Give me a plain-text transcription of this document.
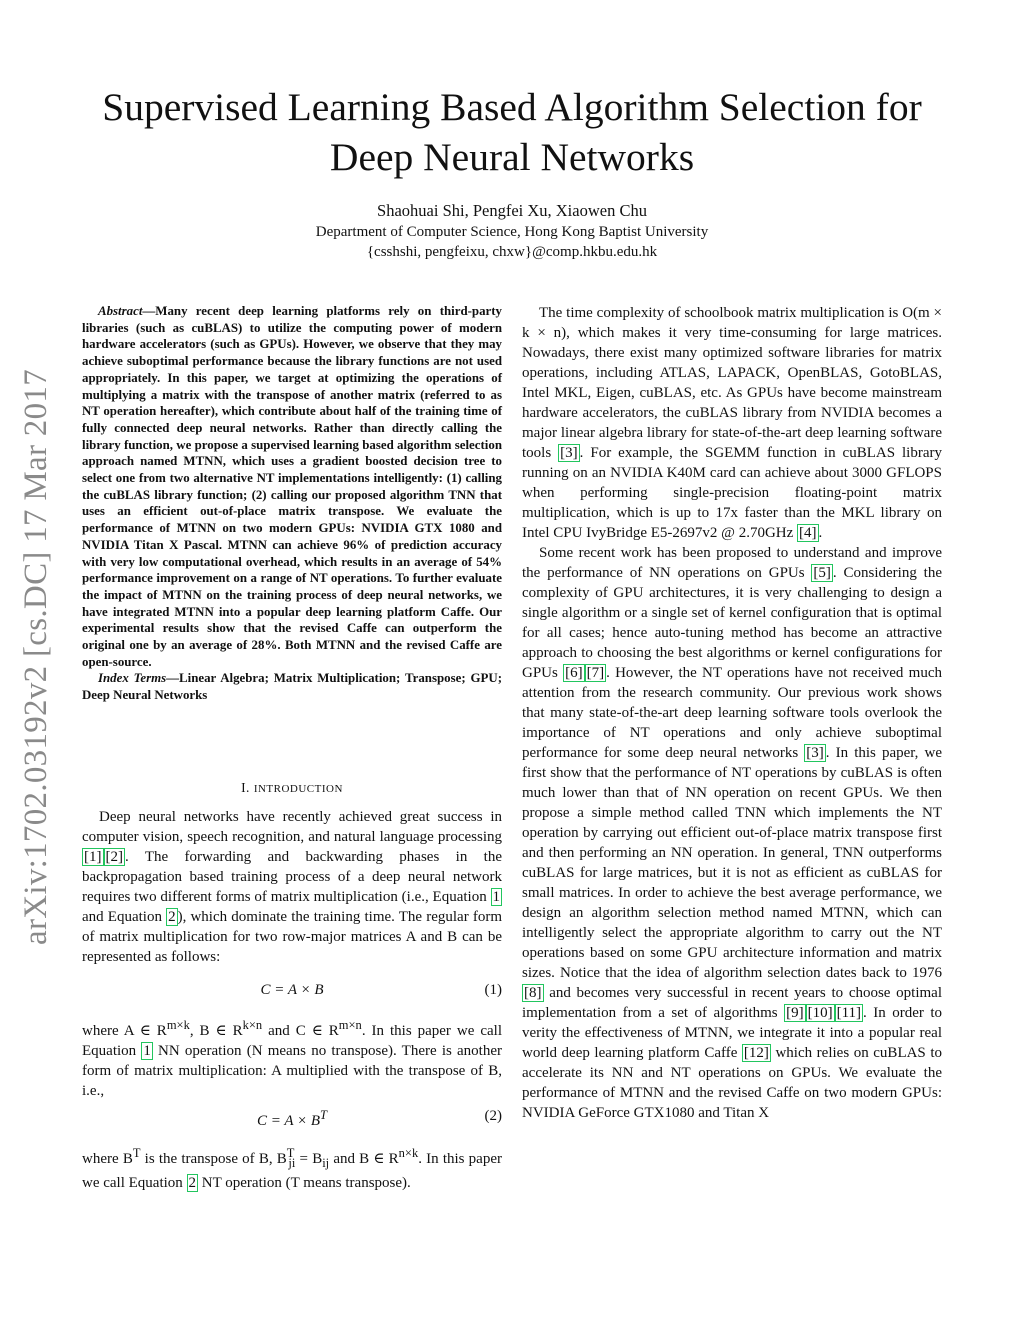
arXiv:1702.03192v2 [cs.DC] 17 Mar 2017
Supervised Learning Based Algorithm Selection for
Deep Neural Networks
Shaohuai Shi, Pengfei Xu, Xiaowen Chu
Department of Computer Science, Hong Kong Baptist University
{csshshi, pengfeixu, chxw}@comp.hkbu.edu.hk

Abstract—Many recent deep learning platforms rely on third-party libraries (such as cuBLAS) to utilize the computing power of modern hardware accelerators (such as GPUs). However, we observe that they may achieve suboptimal performance because the library functions are not used appropriately. In this paper, we target at optimizing the operations of multiplying a matrix with the transpose of another matrix (referred to as NT operation hereafter), which contribute about half of the training time of fully connected deep neural networks. Rather than directly calling the library function, we propose a supervised learning based algorithm selection approach named MTNN, which uses a gradient boosted decision tree to select one from two alternative NT implementations intelligently: (1) calling the cuBLAS library function; (2) calling our proposed algorithm TNN that uses an efficient out-of-place matrix transpose. We evaluate the performance of MTNN on two modern GPUs: NVIDIA GTX 1080 and NVIDIA Titan X Pascal. MTNN can achieve 96% of prediction accuracy with very low computational overhead, which results in an average of 54% performance improvement on a range of NT operations. To further evaluate the impact of MTNN on the training process of deep neural networks, we have integrated MTNN into a popular deep learning platform Caffe. Our experimental results show that the revised Caffe can outperform the original one by an average of 28%. Both MTNN and the revised Caffe are open-source.

Index Terms—Linear Algebra; Matrix Multiplication; Transpose; GPU; Deep Neural Networks

I. INTRODUCTION

Deep neural networks have recently achieved great success in computer vision, speech recognition, and natural language processing [1] [2] . The forwarding and backwarding phases in the backpropagation based training process of a deep neural network requires two different forms of matrix multiplication (i.e., Equation 1 and Equation 2 ), which dominate the training time. The regular form of matrix multiplication for two row-major matrices A and B can be represented as follows:

C = A × B	(1)

where A ∈ $R^{m\times k}$, B ∈ $R^{k\times n}$ and C ∈ $R^{m\times n}$. In this paper we call Equation 1 NN operation (N means no transpose). There is another form of matrix multiplication: A multiplied with the transpose of B, i.e.,

$C = A \times B^T$	(2)

where $B^T$ is the transpose of B, $B^T_{ji} = B_{ij}$ and B ∈ $R^{n\times k}$. In this paper we call Equation 2 NT operation (T means transpose).

The time complexity of schoolbook matrix multiplication is O(m × k × n), which makes it very time-consuming for large matrices. Nowadays, there exist many optimized software libraries for matrix operations, including ATLAS, LAPACK, OpenBLAS, GotoBLAS, Intel MKL, Eigen, cuBLAS, etc. As GPUs have become mainstream hardware accelerators, the cuBLAS library from NVIDIA becomes a major linear algebra library for state-of-the-art deep learning software tools [3] . For example, the SGEMM function in cuBLAS library running on an NVIDIA K40M card can achieve about 3000 GFLOPS when performing single-precision floating-point matrix multiplication, which is up to 17x faster than the MKL library on Intel CPU IvyBridge E5-2697v2 @ 2.70GHz [4] .

Some recent work has been proposed to understand and improve the performance of NN operations on GPUs [5] . Considering the complexity of GPU architectures, it is very challenging to design a single algorithm or a single set of kernel configuration that is optimal for all cases; hence auto-tuning method has become an attractive approach to choosing the best algorithms or kernel configurations for GPUs [6] [7] . However, the NT operations have not received much attention from the research community. Our previous work shows that many state-of-the-art deep learning software tools overlook the importance of NT operations and only achieve suboptimal performance for some deep neural networks [3] . In this paper, we first show that the performance of NT operations by cuBLAS is often much lower than that of NN operation on recent GPUs. We then propose a simple method called TNN which implements the NT operation by carrying out efficient out-of-place matrix transpose first and then performing an NN operation. In general, TNN outperforms cuBLAS for large matrices, but it is not as efficient as cuBLAS for small matrices. In order to achieve the best average performance, we design an algorithm selection method named MTNN, which can intelligently select the appropriate algorithm to carry out the NT operations based on some GPU architecture information and matrix sizes. Notice that the idea of algorithm selection dates back to 1976 [8] and becomes very successful in recent years to choose optimal implementation from a set of algorithms [9] [10] [11] . In order to verity the effectiveness of MTNN, we integrate it into a popular real world deep learning platform Caffe [12] which relies on cuBLAS to accelerate its NN and NT operations on GPUs. We evaluate the performance of MTNN and the revised Caffe on two modern GPUs: NVIDIA GeForce GTX1080 and Titan X
